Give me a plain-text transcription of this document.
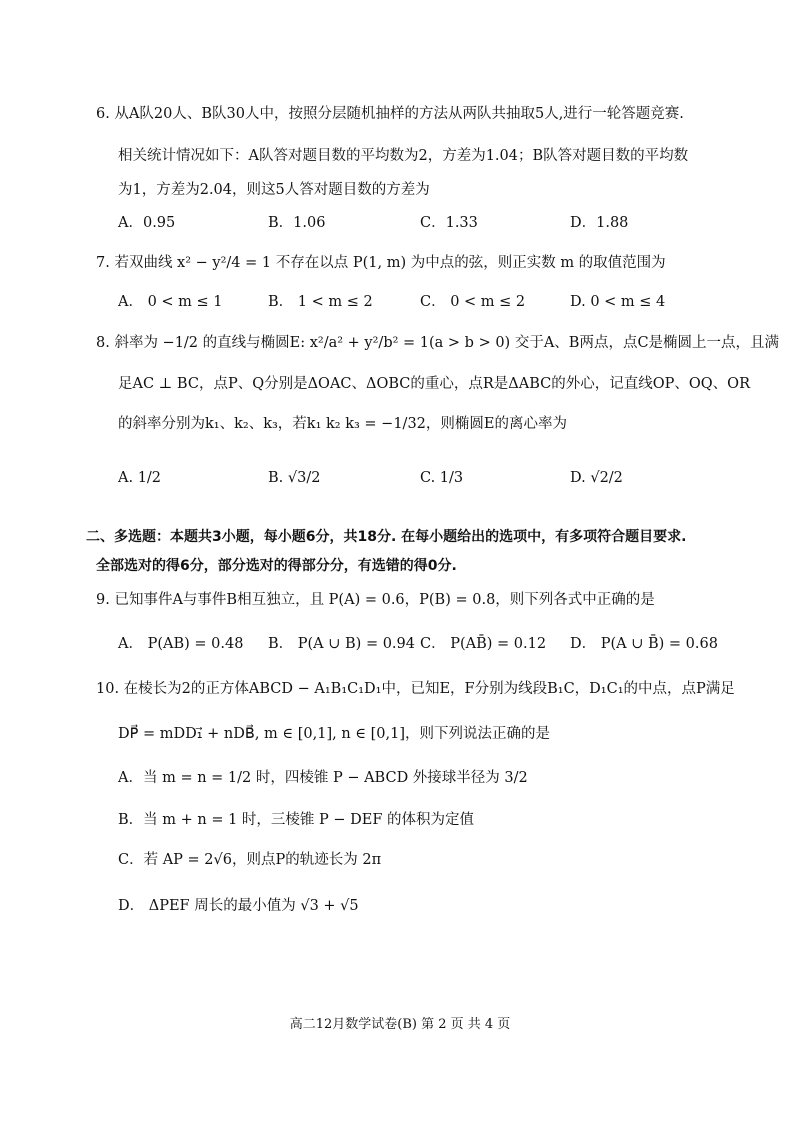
6. 从A队20人、B队30人中，按照分层随机抽样的方法从两队共抽取5人,进行一轮答题竞赛.
相关统计情况如下：A队答对题目数的平均数为2，方差为1.04；B队答对题目数的平均数
为1，方差为2.04，则这5人答对题目数的方差为
A．0.95	B．1.06	C．1.33	D．1.88
7. 若双曲线 x² − y²/4 = 1 不存在以点 P(1, m) 为中点的弦，则正实数 m 的取值范围为
A． 0 < m ≤ 1	B． 1 < m ≤ 2	C． 0 < m ≤ 2	D. 0 < m ≤ 4
8. 斜率为 −1/2 的直线与椭圆E: x²/a² + y²/b² = 1(a > b > 0) 交于A、B两点，点C是椭圆上一点，且满
足AC ⊥ BC，点P、Q分别是ΔOAC、ΔOBC的重心，点R是ΔABC的外心，记直线OP、OQ、OR
的斜率分别为k₁、k₂、k₃，若k₁ k₂ k₃ = −1/32，则椭圆E的离心率为
A. 1/2	B. √3/2	C. 1/3	D. √2/2
二、多选题：本题共3小题，每小题6分，共18分. 在每小题给出的选项中，有多项符合题目要求.
全部选对的得6分，部分选对的得部分分，有选错的得0分.
9. 已知事件A与事件B相互独立，且 P(A) = 0.6，P(B) = 0.8，则下列各式中正确的是
A． P(AB) = 0.48 B． P(A ∪ B) = 0.94 C． P(AB̄) = 0.12 D． P(A ∪ B̄) = 0.68
10. 在棱长为2的正方体ABCD − A₁B₁C₁D₁中，已知E，F分别为线段B₁C，D₁C₁的中点，点P满足
DP⃗ = mDD₁⃗ + nDB⃗, m ∈ [0,1], n ∈ [0,1]，则下列说法正确的是
A．当 m = n = 1/2 时，四棱锥 P − ABCD 外接球半径为 3/2
B．当 m + n = 1 时，三棱锥 P − DEF 的体积为定值
C．若 AP = 2√6，则点P的轨迹长为 2π
D． ΔPEF 周长的最小值为 √3 + √5
高二12月数学试卷(B) 第 2 页 共 4 页
